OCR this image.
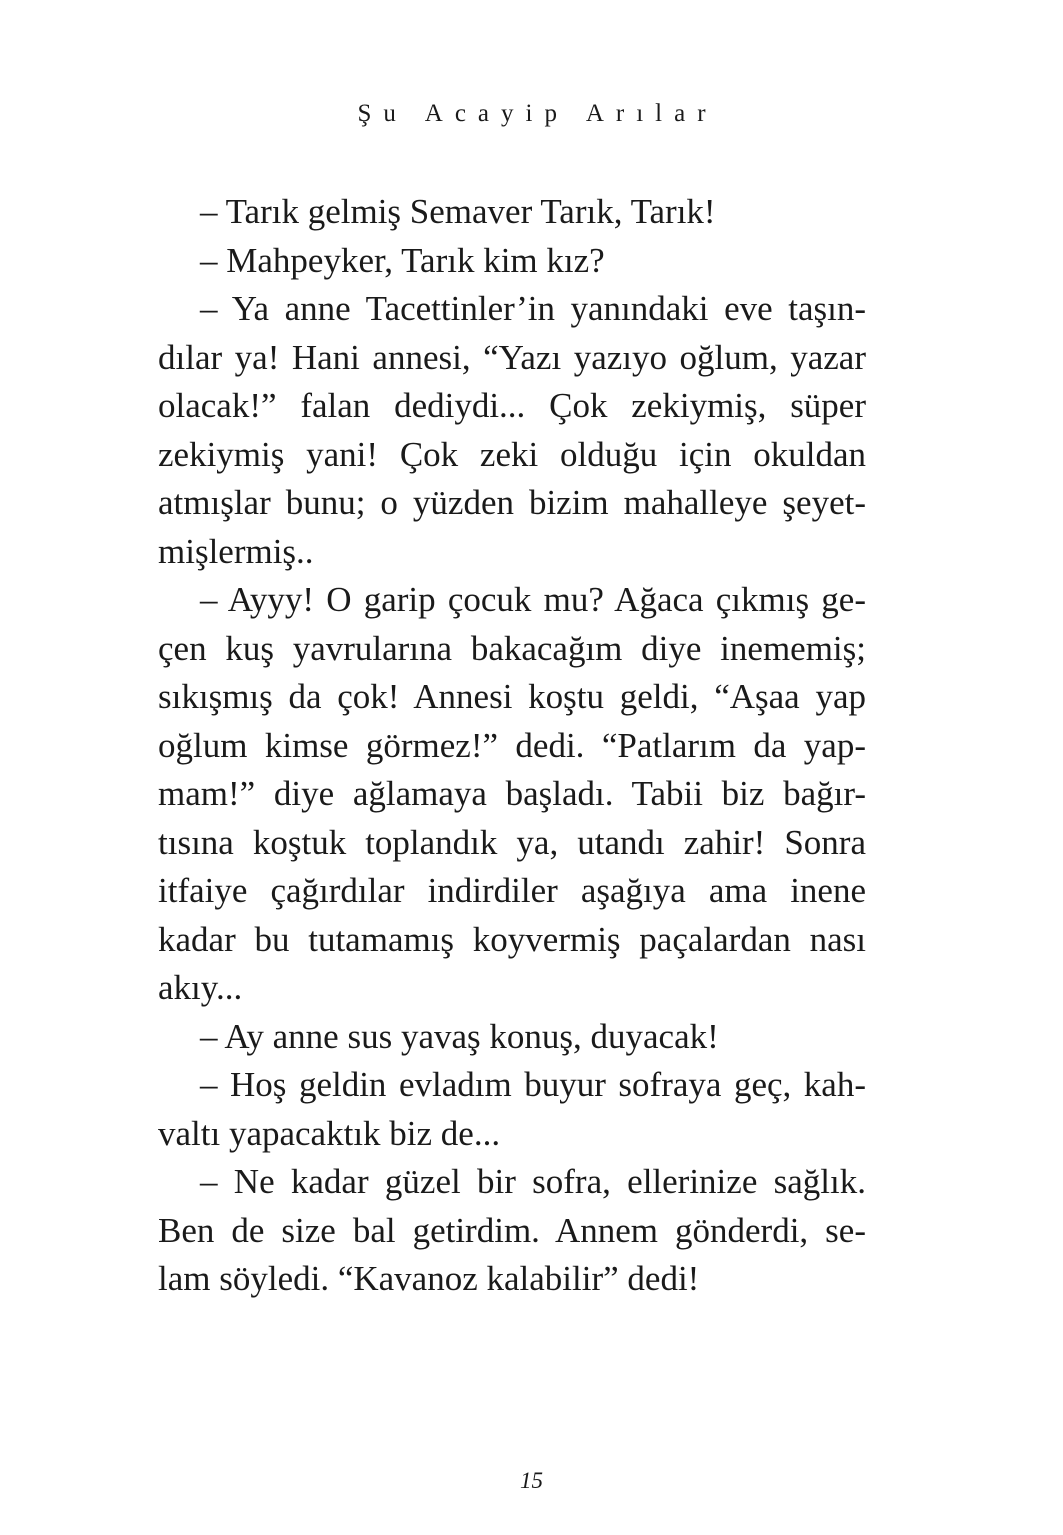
Şu Acayip Arılar
– Tarık gelmiş Semaver Tarık, Tarık!
– Mahpeyker, Tarık kim kız?
– Ya anne Tacettinler’in yanındaki eve taşın-
dılar ya! Hani annesi, “Yazı yazıyo oğlum, yazar
olacak!” falan dediydi... Çok zekiymiş, süper
zekiymiş yani! Çok zeki olduğu için okuldan
atmışlar bunu; o yüzden bizim mahalleye şeyet-
mişlermiş..
– Ayyy! O garip çocuk mu? Ağaca çıkmış ge-
çen kuş yavrularına bakacağım diye inememiş;
sıkışmış da çok! Annesi koştu geldi, “Aşaa yap
oğlum kimse görmez!” dedi. “Patlarım da yap-
mam!” diye ağlamaya başladı. Tabii biz bağır-
tısına koştuk toplandık ya, utandı zahir! Sonra
itfaiye çağırdılar indirdiler aşağıya ama inene
kadar bu tutamamış koyvermiş paçalardan nası
akıy...
– Ay anne sus yavaş konuş, duyacak!
– Hoş geldin evladım buyur sofraya geç, kah-
valtı yapacaktık biz de...
– Ne kadar güzel bir sofra, ellerinize sağlık.
Ben de size bal getirdim. Annem gönderdi, se-
lam söyledi. “Kavanoz kalabilir” dedi!
15
